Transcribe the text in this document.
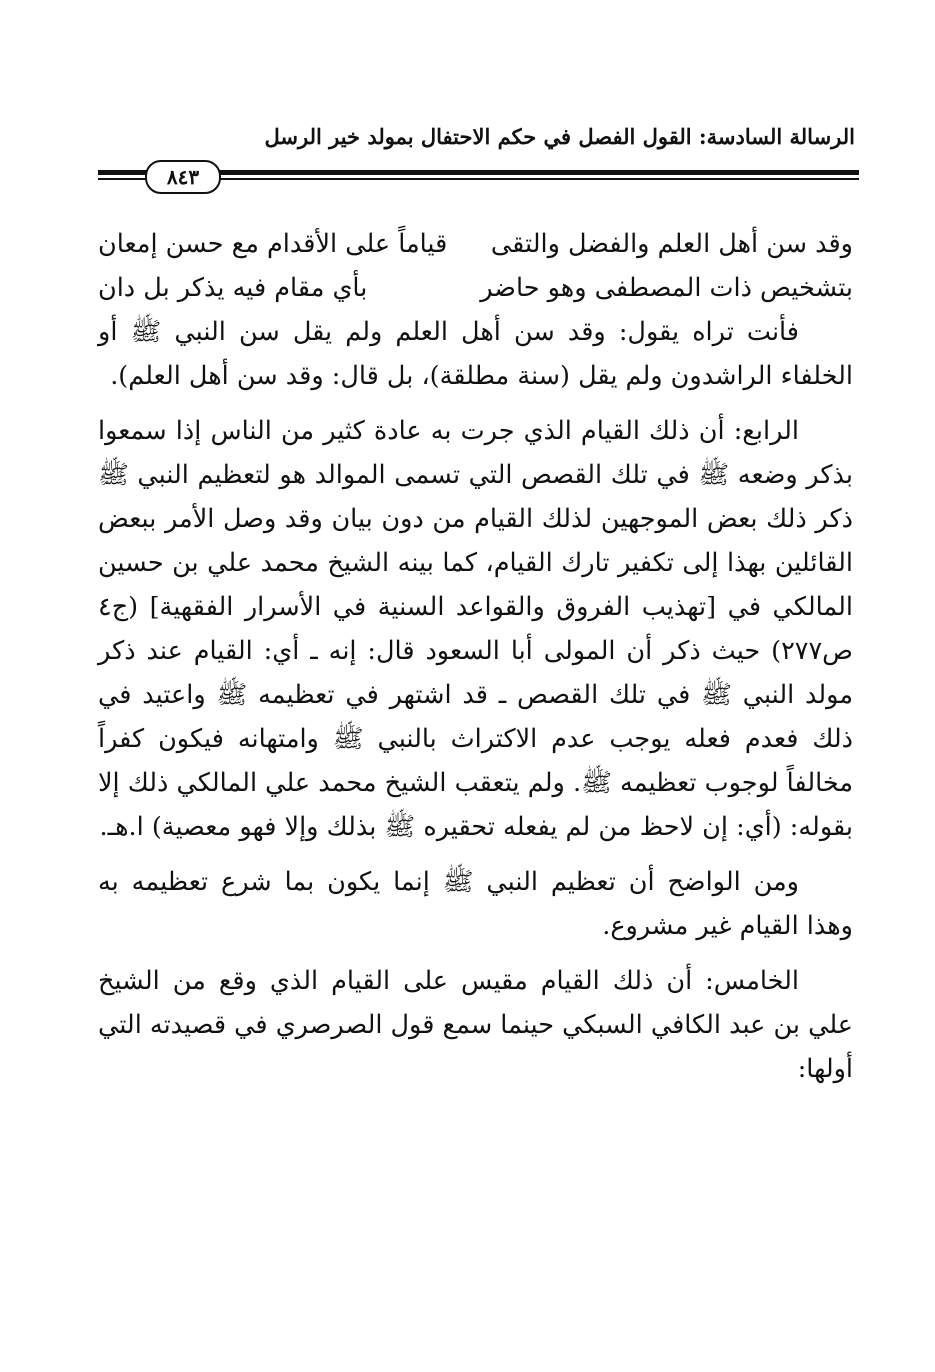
الرسالة السادسة: القول الفصل في حكم الاحتفال بمولد خير الرسل
٨٤٣
وقد سن أهل العلم والفضل والتقى
قياماً على الأقدام مع حسن إمعان
بتشخيص ذات المصطفى وهو حاضر
بأي مقام فيه يذكر بل دان

فأنت تراه يقول: وقد سن أهل العلم ولم يقل سن النبي ﷺ أو الخلفاء الراشدون ولم يقل (سنة مطلقة)، بل قال: وقد سن أهل العلم).

الرابع: أن ذلك القيام الذي جرت به عادة كثير من الناس إذا سمعوا بذكر وضعه ﷺ في تلك القصص التي تسمى الموالد هو لتعظيم النبي ﷺ ذكر ذلك بعض الموجهين لذلك القيام من دون بيان وقد وصل الأمر ببعض القائلين بهذا إلى تكفير تارك القيام، كما بينه الشيخ محمد علي بن حسين المالكي في [تهذيب الفروق والقواعد السنية في الأسرار الفقهية] (ج٤ ص٢٧٧) حيث ذكر أن المولى أبا السعود قال: إنه ـ أي: القيام عند ذكر مولد النبي ﷺ في تلك القصص ـ قد اشتهر في تعظيمه ﷺ واعتيد في ذلك فعدم فعله يوجب عدم الاكتراث بالنبي ﷺ وامتهانه فيكون كفراً مخالفاً لوجوب تعظيمه ﷺ. ولم يتعقب الشيخ محمد علي المالكي ذلك إلا بقوله: (أي: إن لاحظ من لم يفعله تحقيره ﷺ بذلك وإلا فهو معصية) ا.هـ.

ومن الواضح أن تعظيم النبي ﷺ إنما يكون بما شرع تعظيمه به وهذا القيام غير مشروع.

الخامس: أن ذلك القيام مقيس على القيام الذي وقع من الشيخ علي بن عبد الكافي السبكي حينما سمع قول الصرصري في قصيدته التي أولها:
